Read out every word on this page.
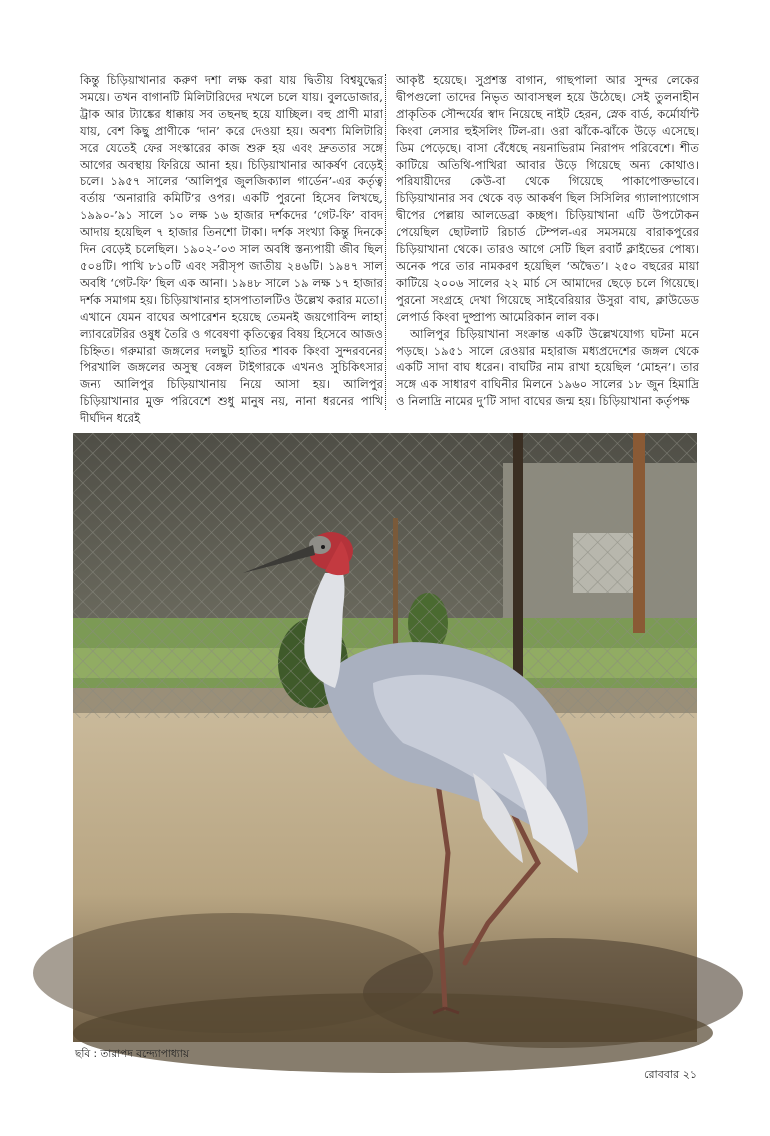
কিন্তু চিড়িয়াখানার করুণ দশা লক্ষ করা যায় দ্বিতীয় বিশ্বযুদ্ধের সময়ে। তখন বাগানটি মিলিটারিদের দখলে চলে যায়। বুলডোজার, ট্রাক আর ট্যাঙ্কের ধাক্কায় সব তছনছ হয়ে যাচ্ছিল। বহু প্রাণী মারা যায়, বেশ কিছু প্রাণীকে ‘দান’ করে দেওয়া হয়। অবশ্য মিলিটারি সরে যেতেই ফের সংস্কারের কাজ শুরু হয় এবং দ্রুততার সঙ্গে আগের অবস্থায় ফিরিয়ে আনা হয়। চিড়িয়াখানার আকর্ষণ বেড়েই চলে। ১৯৫৭ সালের ‘আলিপুর জুলজিক্যাল গার্ডেন’-এর কর্তৃত্ব বর্তায় ‘অনারারি কমিটি’র ওপর। একটি পুরনো হিসেব লিখছে, ১৯৯০-’৯১ সালে ১০ লক্ষ ১৬ হাজার দর্শকদের ‘গেট-ফি’ বাবদ আদায় হয়েছিল ৭ হাজার তিনশো টাকা। দর্শক সংখ্যা কিন্তু দিনকে দিন বেড়েই চলেছিল। ১৯০২-’০৩ সাল অবধি স্তন্যপায়ী জীব ছিল ৫০৪টি। পাখি ৮১০টি এবং সরীসৃপ জাতীয় ২৪৬টি। ১৯৪৭ সাল অবধি ‘গেট-ফি’ ছিল এক আনা। ১৯৪৮ সালে ১৯ লক্ষ ১৭ হাজার দর্শক সমাগম হয়। চিড়িয়াখানার হাসপাতালটিও উল্লেখ করার মতো। এখানে যেমন বাঘের অপারেশন হয়েছে তেমনই জয়গোবিন্দ লাহা ল্যাবরেটরির ওষুধ তৈরি ও গবেষণা কৃতিত্বের বিষয় হিসেবে আজও চিহ্নিত। গরুমারা জঙ্গলের দলছুট হাতির শাবক কিংবা সুন্দরবনের পিরখালি জঙ্গলের অসুস্থ বেঙ্গল টাইগারকে এখনও সুচিকিৎসার জন্য আলিপুর চিড়িয়াখানায় নিয়ে আসা হয়। আলিপুর চিড়িয়াখানার মুক্ত পরিবেশে শুধু মানুষ নয়, নানা ধরনের পাখি দীর্ঘদিন ধরেই

আকৃষ্ট হয়েছে। সুপ্রশস্ত বাগান, গাছপালা আর সুন্দর লেকের দ্বীপগুলো তাদের নিভৃত আবাসস্থল হয়ে উঠেছে। সেই তুলনাহীন প্রাকৃতিক সৌন্দর্যের স্বাদ নিয়েছে নাইট হেরন, স্নেক বার্ড, কর্মোর্যান্ট কিংবা লেসার হুইসলিং টিল-রা। ওরা ঝাঁকে-ঝাঁকে উড়ে এসেছে। ডিম পেড়েছে। বাসা বেঁধেছে নয়নাভিরাম নিরাপদ পরিবেশে। শীত কাটিয়ে অতিথি-পাখিরা আবার উড়ে গিয়েছে অন্য কোথাও। পরিযায়ীদের কেউ-বা থেকে গিয়েছে পাকাপোক্তভাবে। চিড়িয়াখানার সব থেকে বড় আকর্ষণ ছিল সিসিলির গ্যালাপ্যাগোস দ্বীপের পেল্লায় আলডেব্রা কচ্ছপ। চিড়িয়াখানা এটি উপঢৌকন পেয়েছিল ছোটলাট রিচার্ড টেম্পল-এর সমসময়ে বারাকপুরের চিড়িয়াখানা থেকে। তারও আগে সেটি ছিল রবার্ট ক্লাইভের পোষ্য। অনেক পরে তার নামকরণ হয়েছিল ‘অদ্বৈত’। ২৫০ বছরের মায়া কাটিয়ে ২০০৬ সালের ২২ মার্চ সে আমাদের ছেড়ে চলে গিয়েছে। পুরনো সংগ্রহে দেখা গিয়েছে সাইবেরিয়ার উসুরা বাঘ, ক্লাউডেড লেপার্ড কিংবা দুষ্প্রাপ্য আমেরিকান লাল বক।

আলিপুর চিড়িয়াখানা সংক্রান্ত একটি উল্লেখযোগ্য ঘটনা মনে পড়ছে। ১৯৫১ সালে রেওয়ার মহারাজ মধ্যপ্রদেশের জঙ্গল থেকে একটি সাদা বাঘ ধরেন। বাঘটির নাম রাখা হয়েছিল ‘মোহন’। তার সঙ্গে এক সাধারণ বাঘিনীর মিলনে ১৯৬০ সালের ১৮ জুন হিমাদ্রি ও নিলাদ্রি নামের দু’টি সাদা বাঘের জন্ম হয়। চিড়িয়াখানা কর্তৃপক্ষ

ছবি : তারাপদ বন্দ্যোপাধ্যায়
রোববার ২১
